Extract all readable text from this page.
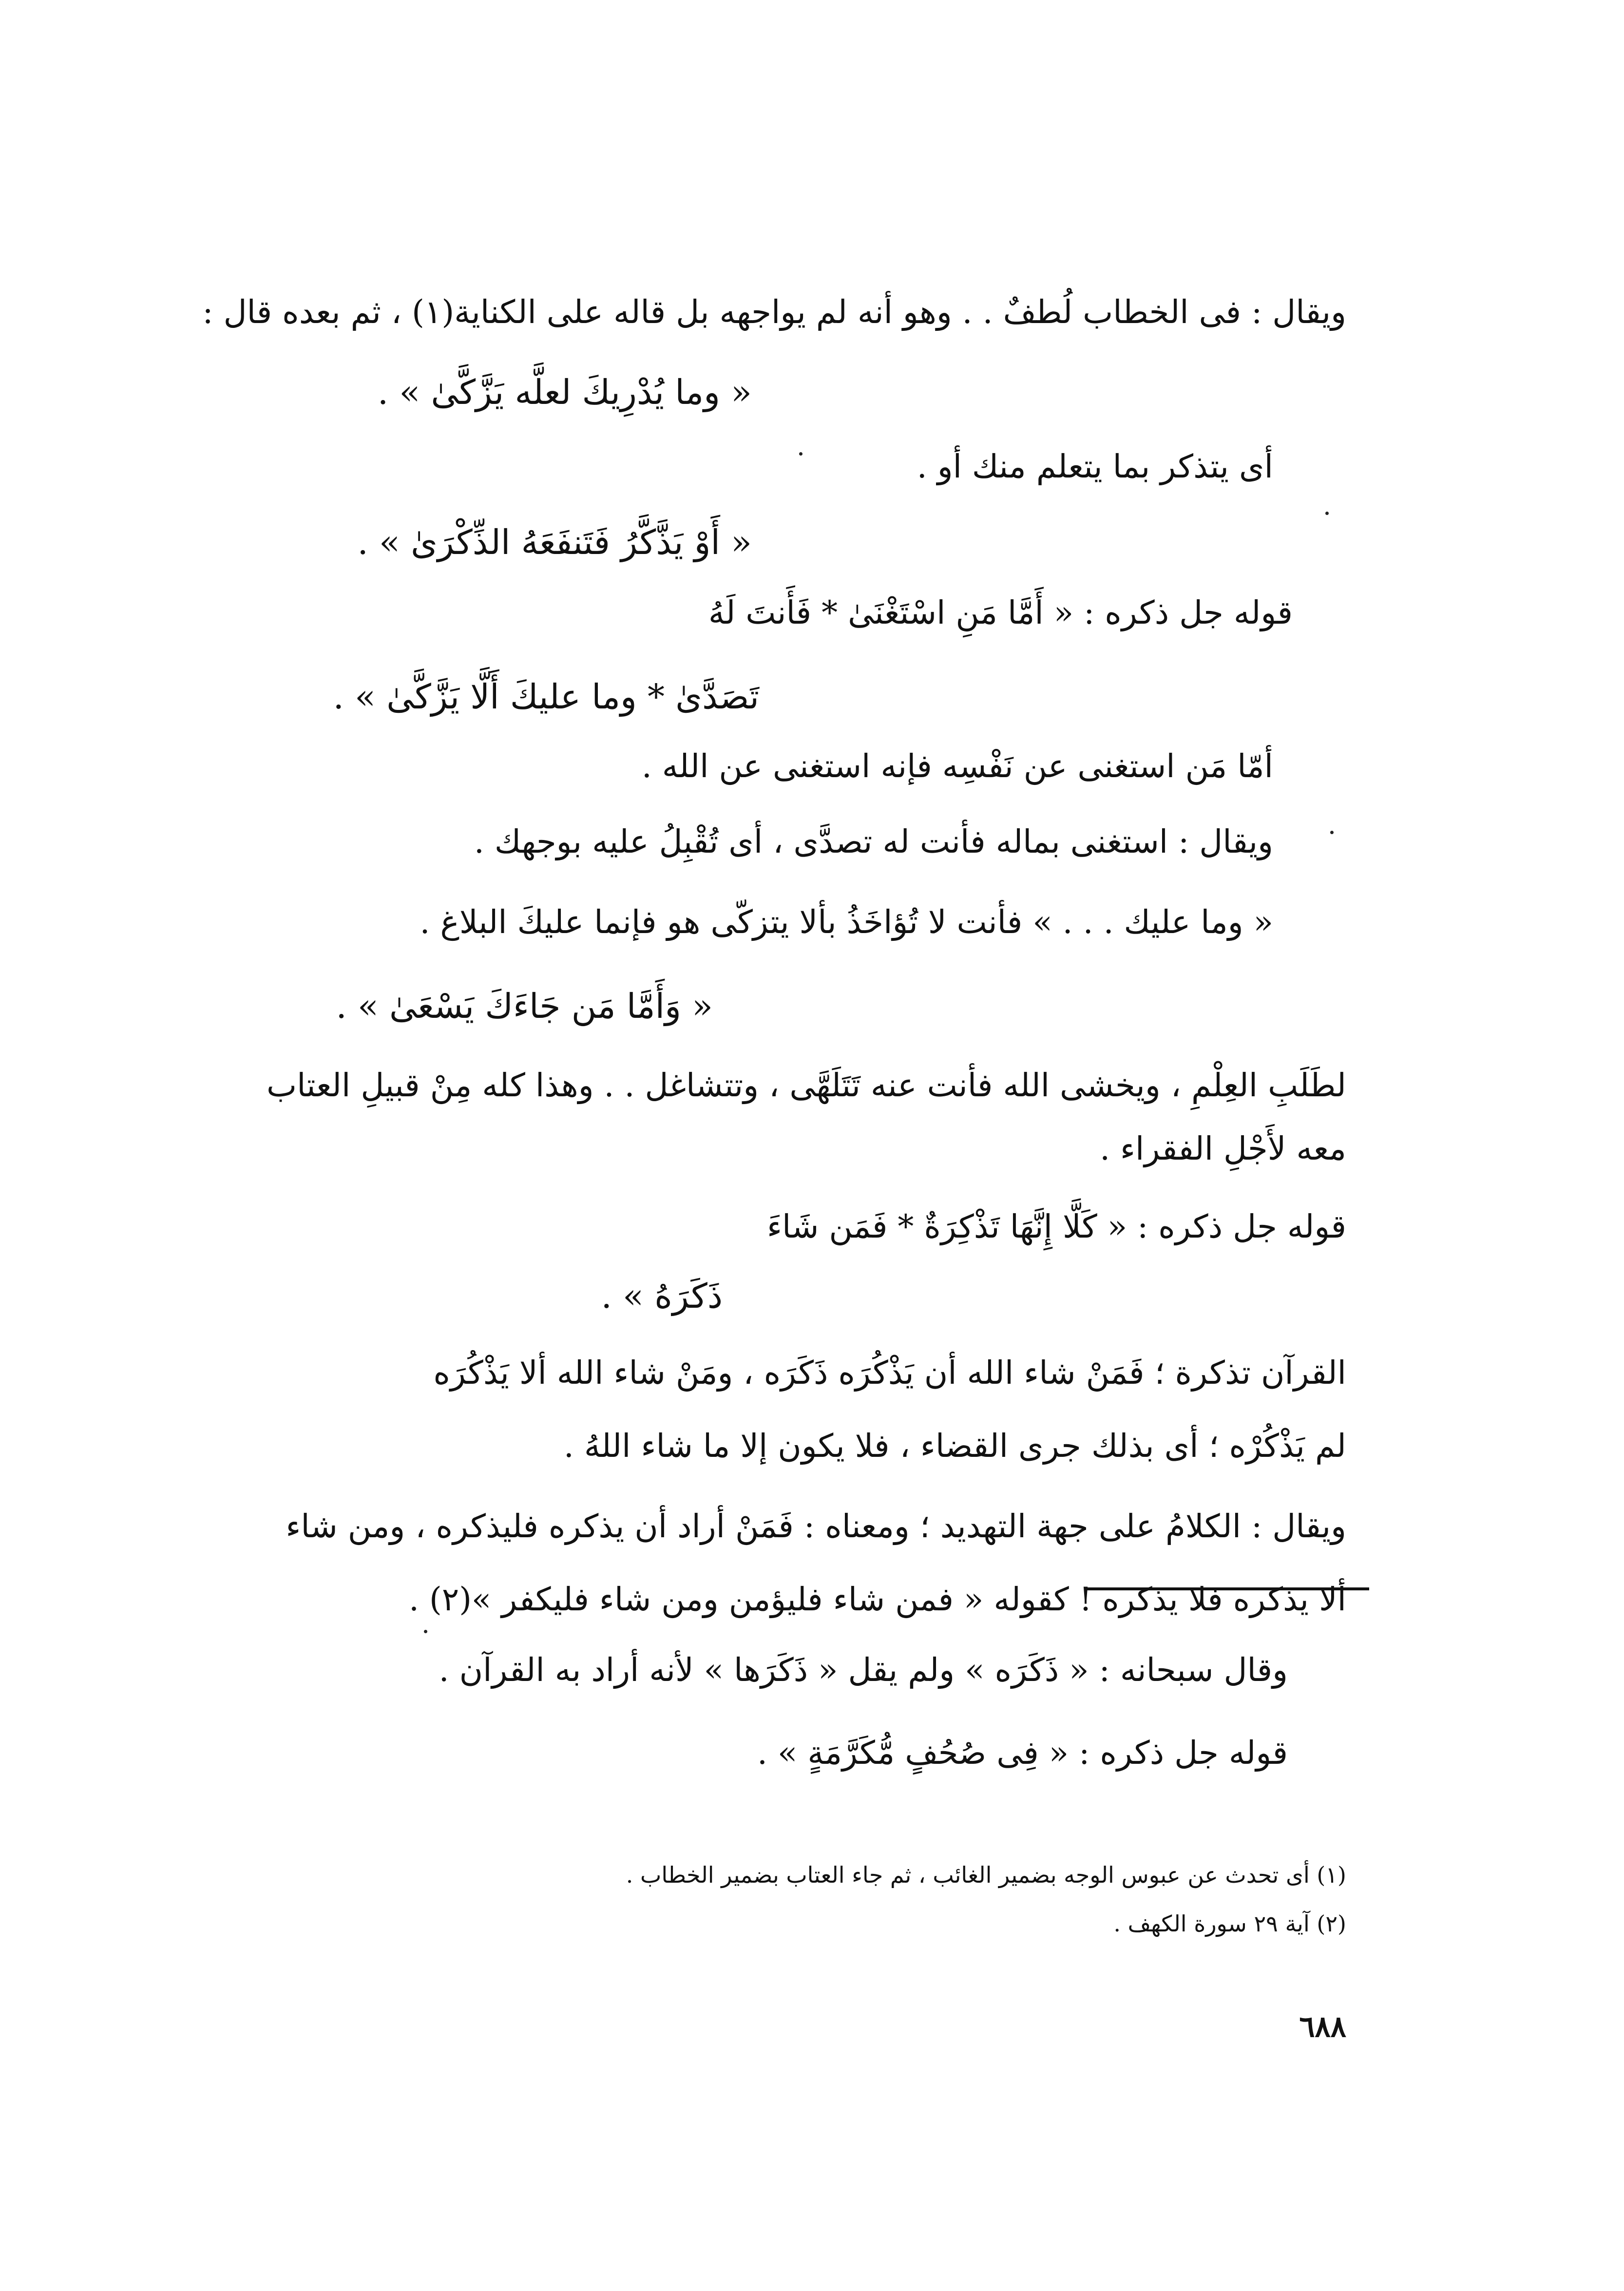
ويقال : فى الخطاب لُطفٌ . . وهو أنه لم يواجهه بل قاله على الكناية(١) ، ثم بعده قال :
« وما يُدْرِيكَ لعلَّه يَزَّكَّىٰ » .
أى يتذكر بما يتعلم منك أو .
« أَوْ يَذَّكَّرُ فَتَنفَعَهُ الذِّكْرَىٰ » .
قوله جل ذكره : « أَمَّا مَنِ اسْتَغْنَىٰ * فَأَنتَ لَهُ
تَصَدَّىٰ * وما عليكَ أَلَّا يَزَّكَّىٰ » .
أمّا مَن استغنى عن نَفْسِه فإنه استغنى عن الله .
ويقال : استغنى بماله فأنت له تصدَّى ، أى تُقْبِلُ عليه بوجهك .
« وما عليك . . . » فأنت لا تُؤاخَذُ بألا يتزكّى هو فإنما عليكَ البلاغ .
« وَأَمَّا مَن جَاءَكَ يَسْعَىٰ » .
لطَلَبِ العِلْمِ ، ويخشى الله فأنت عنه تَتَلَهَّى ، وتتشاغل . . وهذا كله مِنْ قبيلِ العتاب
معه لأَجْلِ الفقراء .
قوله جل ذكره : « كَلَّا إِنَّهَا تَذْكِرَةٌ * فَمَن شَاءَ
ذَكَرَهُ » .
القرآن تذكرة ؛ فَمَنْ شاء الله أن يَذْكُرَه ذَكَرَه ، ومَنْ شاء الله ألا يَذْكُرَه
لم يَذْكُرْه ؛ أى بذلك جرى القضاء ، فلا يكون إلا ما شاء اللهُ .
ويقال : الكلامُ على جهة التهديد ؛ ومعناه : فَمَنْ أراد أن يذكره فليذكره ، ومن شاء
ألا يذكره فلا يذكره ! كقوله « فمن شاء فليؤمن ومن شاء فليكفر »(٢) .
وقال سبحانه : « ذَكَرَه » ولم يقل « ذَكَرَها » لأنه أراد به القرآن .
قوله جل ذكره : « فِى صُحُفٍ مُّكَرَّمَةٍ » .
(١) أى تحدث عن عبوس الوجه بضمير الغائب ، ثم جاء العتاب بضمير الخطاب .
(٢) آية ٢٩ سورة الكهف .
٦٨٨
